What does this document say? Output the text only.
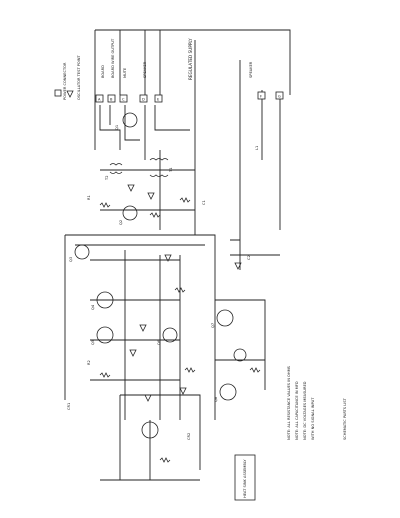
POWER CONNECTOR	OSCILLATOR TEST POINT	REGULATED SUPPLY
BOARD BOARD WIRE OUTPUT MUTE	SPEAKER	SPEAKER
A	B	C	D	E
F	G
Q1
Q2
Q3
Q4
Q5	Q6
Q7
Q8
T1
T2
R1
R2
C1
C2
CR1
CR2
L1
NOTE: ALL RESISTANCE VALUES IN OHMS NOTE: ALL CAPACITANCE IN MFD NOTE: DC VOLTAGES MEASURED WITH NO SIGNAL INPUT	SCHEMATIC PARTS LIST
HEAT SINK ASSEMBLY
